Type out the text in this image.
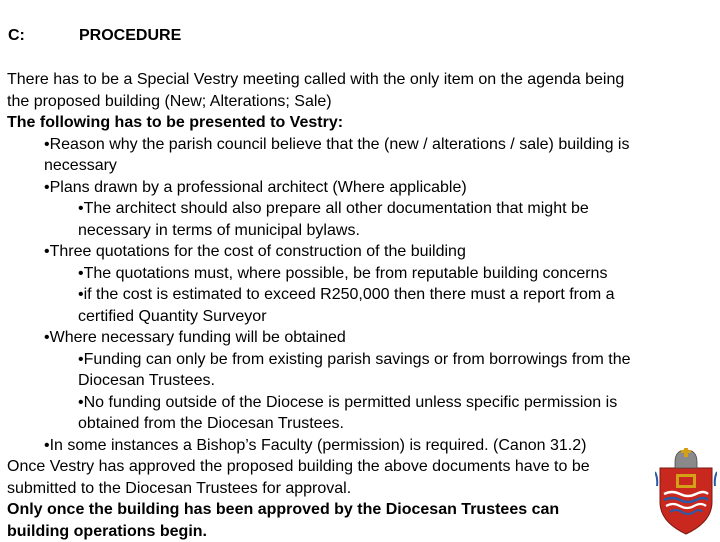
C:	PROCEDURE
There has to be a Special Vestry meeting called with the only item on the agenda being
the proposed building (New; Alterations; Sale)
The following has to be presented to Vestry:
•Reason why the parish council believe that the (new / alterations / sale) building is
necessary
•Plans drawn by a professional architect (Where applicable)
•The architect should also prepare all other documentation that might be
necessary in terms of municipal bylaws.
•Three quotations for the cost of construction of the building
•The quotations must, where possible, be from reputable building concerns
•if the cost is estimated to exceed R250,000 then there must a report from a
certified Quantity Surveyor
•Where necessary funding will be obtained
•Funding can only be from existing parish savings or from borrowings from the
Diocesan Trustees.
•No funding outside of the Diocese is permitted unless specific permission is
obtained from the Diocesan Trustees.
•In some instances a Bishop’s Faculty (permission) is required. (Canon 31.2)
Once Vestry has approved the proposed building the above documents have to be
submitted to the Diocesan Trustees for approval.
Only once the building has been approved by the Diocesan Trustees can
building operations begin.
